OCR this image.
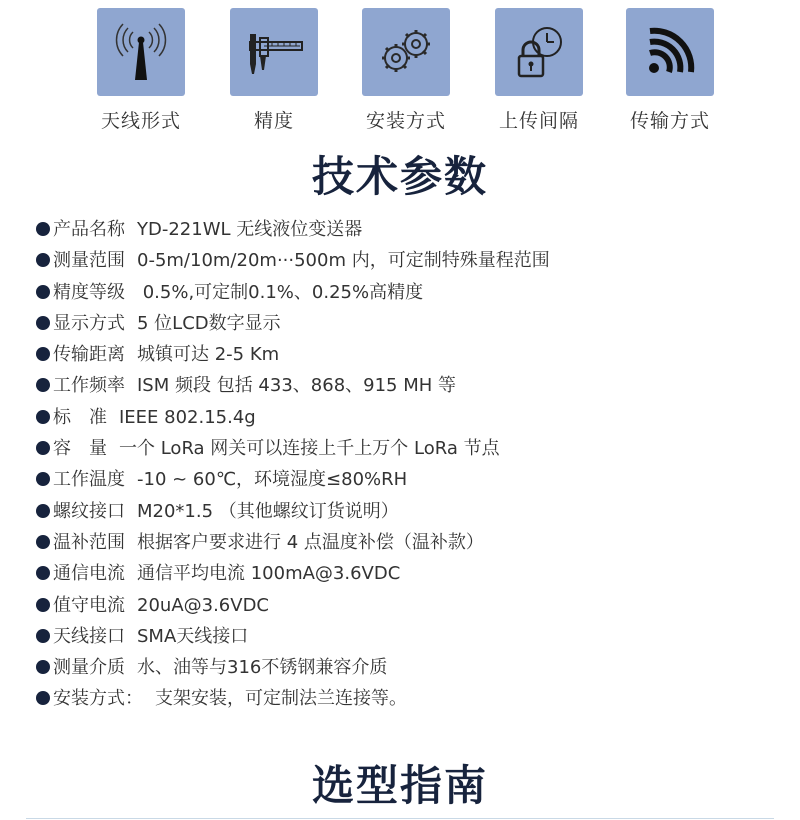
天线形式	精度	安装方式	上传间隔	传输方式
技术参数
产品名称 YD-221WL 无线液位变送器
测量范围 0-5m/10m/20m···500m 内，可定制特殊量程范围
精度等级 0.5%,可定制0.1%、0.25%高精度
显示方式 5 位LCD数字显示
传输距离 城镇可达 2-5 Km
工作频率 ISM 频段 包括 433、868、915 MH 等
标　准 IEEE 802.15.4g
容　量 一个 LoRa 网关可以连接上千上万个 LoRa 节点
工作温度 -10 ~ 60℃，环境湿度≤80%RH
螺纹接口 M20*1.5 （其他螺纹订货说明）
温补范围 根据客户要求进行 4 点温度补偿（温补款）
通信电流 通信平均电流 100mA@3.6VDC
值守电流 20uA@3.6VDC
天线接口 SMA天线接口
测量介质 水、油等与316不锈钢兼容介质
安装方式： 支架安装，可定制法兰连接等。
选型指南
